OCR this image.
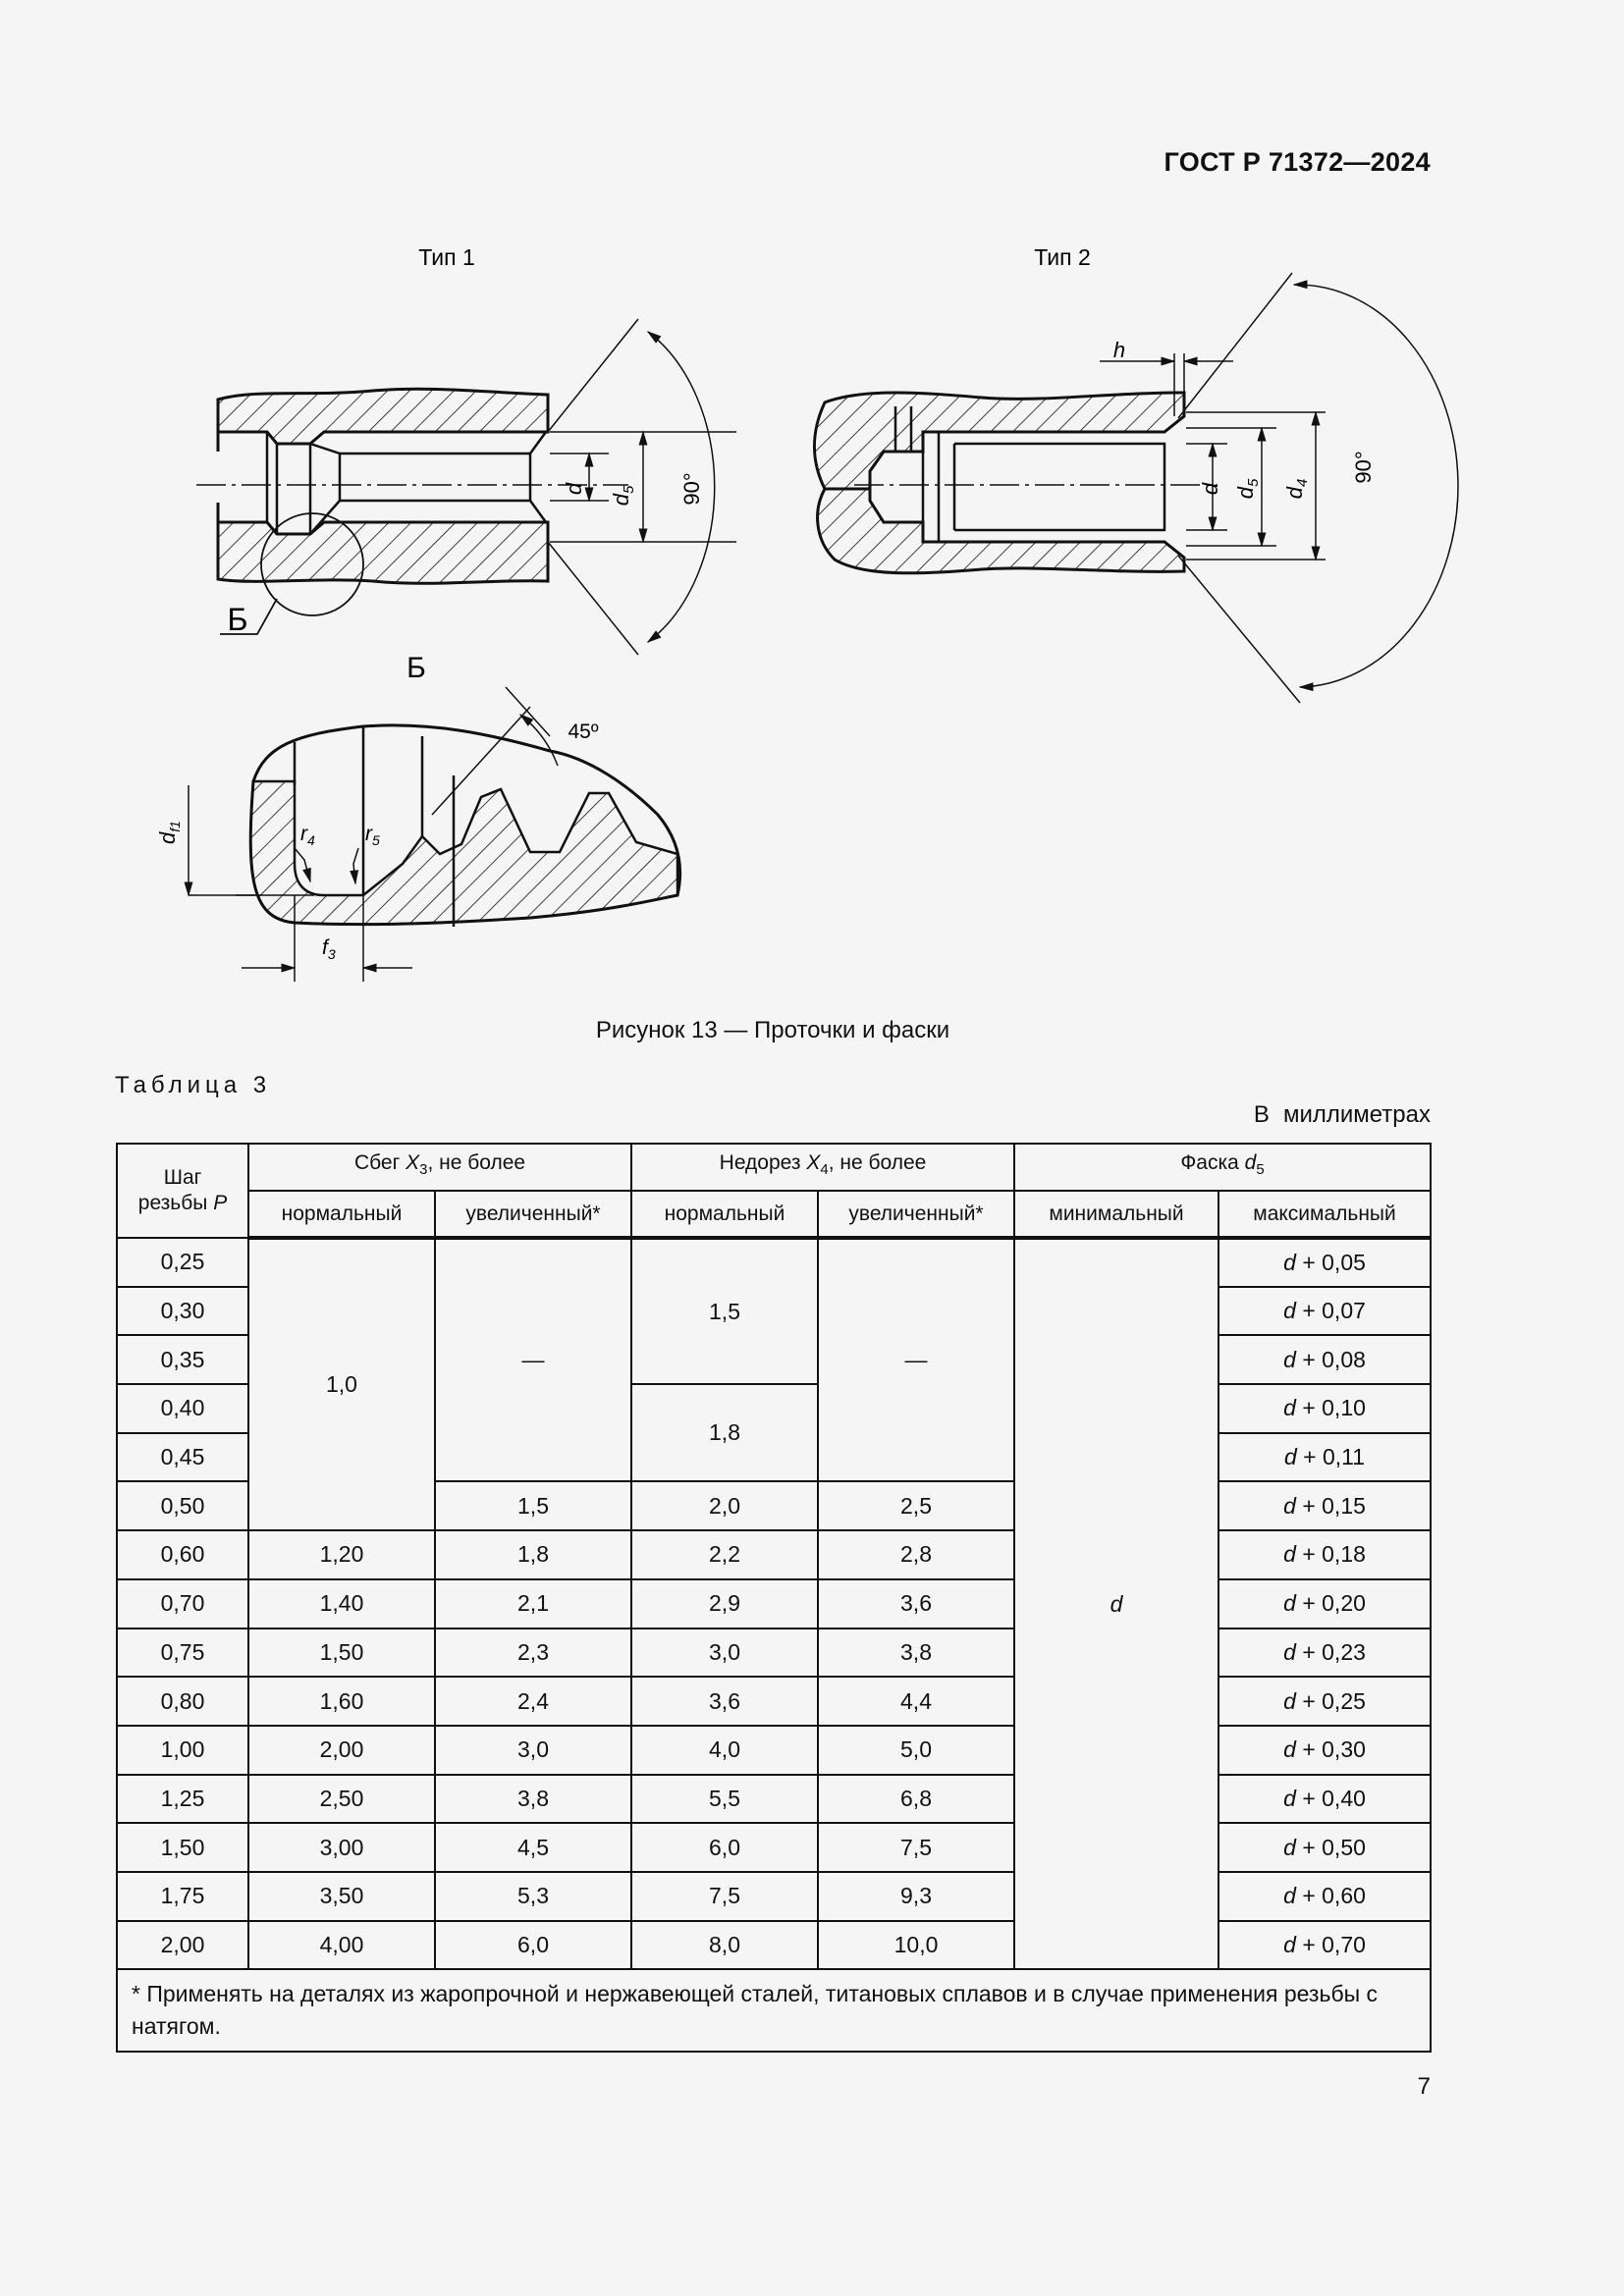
ГОСТ Р 71372—2024
Тип 1
d
$d_5$ 90°
Б
Тип 2
h
d $d_5$
$d_4$ 90°
Б
45º
$d_{f1}$	$r_4$ $r_5$
$f_3$
Рисунок 13 — Проточки и фаски
Таблица 3
В миллиметрах
Шаг
резьбы P	Сбег $X_3$, не более		Недорез $X_4$, не более		Фаска $d_5$
	нормальный	увеличенный*	нормальный	увеличенный*	минимальный	максимальный
0,25	1,0	—	1,5	—	d	d + 0,05
0,30						d + 0,07
0,35						d + 0,08
0,40			1,8			d + 0,10
0,45						d + 0,11
0,50		1,5	2,0	2,5		d + 0,15
0,60	1,20	1,8	2,2	2,8		d + 0,18
0,70	1,40	2,1	2,9	3,6		d + 0,20
0,75	1,50	2,3	3,0	3,8		d + 0,23
0,80	1,60	2,4	3,6	4,4		d + 0,25
1,00	2,00	3,0	4,0	5,0		d + 0,30
1,25	2,50	3,8	5,5	6,8		d + 0,40
1,50	3,00	4,5	6,0	7,5		d + 0,50
1,75	3,50	5,3	7,5	9,3		d + 0,60
2,00	4,00	6,0	8,0	10,0		d + 0,70
* Применять на деталях из жаропрочной и нержавеющей сталей, титановых сплавов и в случае применения резьбы с натягом.						
7
